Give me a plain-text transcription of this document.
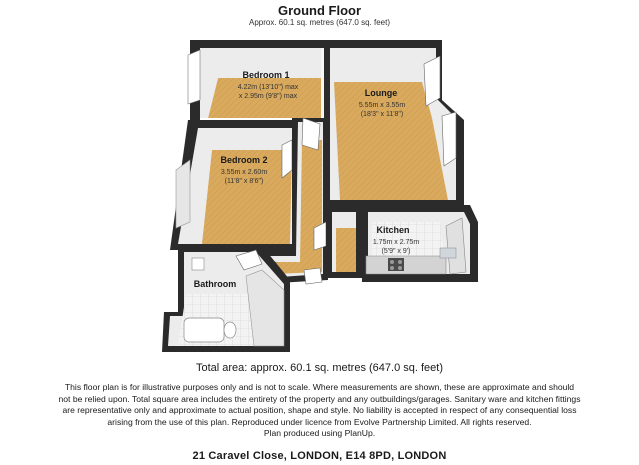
Ground Floor
Approx. 60.1 sq. metres (647.0 sq. feet)
Bedroom 1
4.22m (13'10") max
x 2.95m (9'8") max
Bedroom 2
3.55m x 2.60m
(11'8" x 8'6")
Lounge
5.55m x 3.55m
(18'3" x 11'8")
Kitchen
1.75m x 2.75m
(5'9" x 9')
Bathroom
Total area: approx. 60.1 sq. metres (647.0 sq. feet)
This floor plan is for illustrative purposes only and is not to scale. Where measurements are shown, these are approximate and should
not be relied upon. Total square area includes the entirety of the property and any outbuildings/garages. Sanitary ware and kitchen fittings
are representative only and approximate to actual position, shape and style. No liability is accepted in respect of any consequential loss
arising from the use of this plan. Reproduced under licence from Evolve Partnership Limited. All rights reserved.
Plan produced using PlanUp.
21 Caravel Close, LONDON, E14 8PD, LONDON
